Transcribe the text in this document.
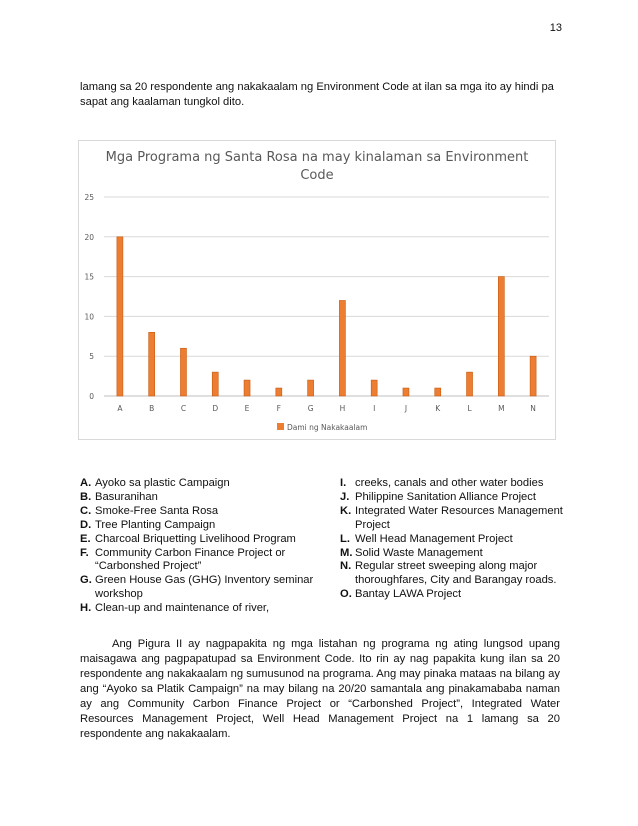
13
lamang sa 20 respondente ang nakakaalam ng Environment Code at ilan sa mga ito ay hindi pa sapat ang kaalaman tungkol dito.
Mga Programa ng Santa Rosa na may kinalaman sa Environment
Code
0
5
10
15
20
25
A	B	C	D	E	F	G	H	I	J	K	L	M	N
Dami ng Nakakaalam
A. Ayoko sa plastic Campaign
B. Basuranihan
C. Smoke-Free Santa Rosa
D. Tree Planting Campaign
E. Charcoal Briquetting Livelihood Program
F. Community Carbon Finance Project or “Carbonshed Project”
G. Green House Gas (GHG) Inventory seminar workshop
H. Clean-up and maintenance of river,
I. creeks, canals and other water bodies
J. Philippine Sanitation Alliance Project
K. Integrated Water Resources Management Project
L. Well Head Management Project
M. Solid Waste Management
N. Regular street sweeping along major thoroughfares, City and Barangay roads.
O. Bantay LAWA Project
Ang Pigura II ay nagpapakita ng mga listahan ng programa ng ating lungsod upang maisagawa ang pagpapatupad sa Environment Code. Ito rin ay nag papakita kung ilan sa 20 respondente ang nakakaalam ng sumusunod na programa. Ang may pinaka mataas na bilang ay ang “Ayoko sa Platik Campaign” na may bilang na 20/20 samantala ang pinakamababa naman ay ang Community Carbon Finance Project or “Carbonshed Project”, Integrated Water Resources Management Project, Well Head Management Project na 1 lamang sa 20 respondente ang nakakaalam.
